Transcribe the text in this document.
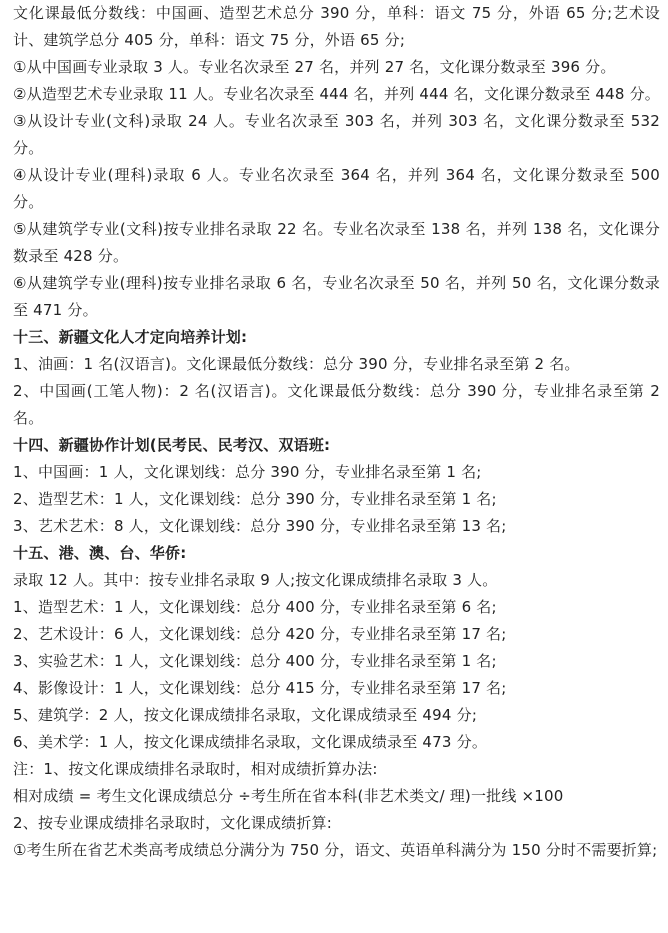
文化课最低分数线：中国画、造型艺术总分 390 分，单科：语文 75 分，外语 65 分;艺术设计、建筑学总分 405 分，单科：语文 75 分，外语 65 分;

①从中国画专业录取 3 人。专业名次录至 27 名，并列 27 名，文化课分数录至 396 分。

②从造型艺术专业录取 11 人。专业名次录至 444 名，并列 444 名，文化课分数录至 448 分。

③从设计专业(文科)录取 24 人。专业名次录至 303 名，并列 303 名，文化课分数录至 532 分。

④从设计专业(理科)录取 6 人。专业名次录至 364 名，并列 364 名，文化课分数录至 500 分。

⑤从建筑学专业(文科)按专业排名录取 22 名。专业名次录至 138 名，并列 138 名，文化课分数录至 428 分。

⑥从建筑学专业(理科)按专业排名录取 6 名，专业名次录至 50 名，并列 50 名，文化课分数录至 471 分。

十三、新疆文化人才定向培养计划:

1、油画：1 名(汉语言)。文化课最低分数线：总分 390 分，专业排名录至第 2 名。

2、中国画(工笔人物)：2 名(汉语言)。文化课最低分数线：总分 390 分，专业排名录至第 2 名。

十四、新疆协作计划(民考民、民考汉、双语班:

1、中国画：1 人，文化课划线：总分 390 分，专业排名录至第 1 名;

2、造型艺术：1 人，文化课划线：总分 390 分，专业排名录至第 1 名;

3、艺术艺术：8 人，文化课划线：总分 390 分，专业排名录至第 13 名;

十五、港、澳、台、华侨:

录取 12 人。其中：按专业排名录取 9 人;按文化课成绩排名录取 3 人。

1、造型艺术：1 人，文化课划线：总分 400 分，专业排名录至第 6 名;

2、艺术设计：6 人，文化课划线：总分 420 分，专业排名录至第 17 名;

3、实验艺术：1 人，文化课划线：总分 400 分，专业排名录至第 1 名;

4、影像设计：1 人，文化课划线：总分 415 分，专业排名录至第 17 名;

5、建筑学：2 人，按文化课成绩排名录取，文化课成绩录至 494 分;

6、美术学：1 人，按文化课成绩排名录取，文化课成绩录至 473 分。

注：1、按文化课成绩排名录取时，相对成绩折算办法:

相对成绩 = 考生文化课成绩总分 ÷考生所在省本科(非艺术类文/ 理)一批线 ×100

2、按专业课成绩排名录取时，文化课成绩折算:

①考生所在省艺术类高考成绩总分满分为 750 分，语文、英语单科满分为 150 分时不需要折算;
